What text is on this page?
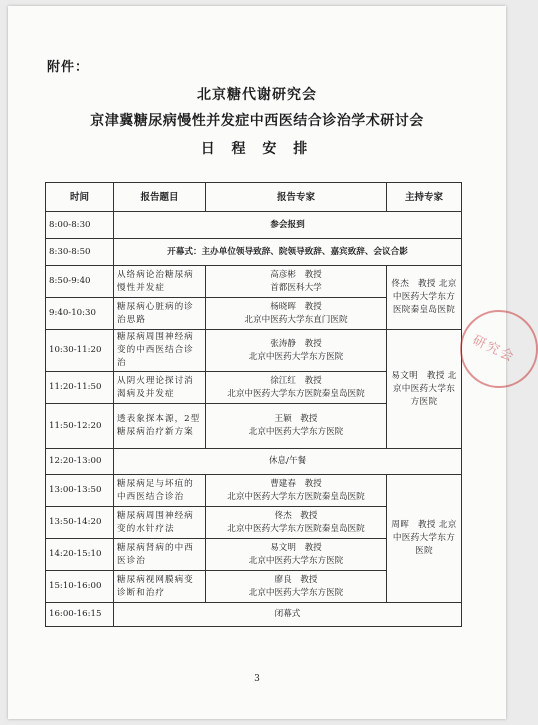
附件：
北京糖代谢研究会
京津冀糖尿病慢性并发症中西医结合诊治学术研讨会
日 程 安 排
时间	报告题目	报告专家	主持专家
8:00-8:30	参会报到		
8:30-8:50	开幕式：主办单位领导致辞、院领导致辞、嘉宾致辞、会议合影		
8:50-9:40	从络病论治糖尿病慢性并发症	高彦彬　教授
首都医科大学	佟杰　教授 北京中医药大学东方医院秦皇岛医院
9:40-10:30	糖尿病心脏病的诊治思路	杨晓晖　教授
北京中医药大学东直门医院	

10:30-11:20	糖尿病周围神经病变的中西医结合诊治	张涛静　教授
北京中医药大学东方医院	易文明　教授 北京中医药大学东方医院
11:20-11:50	从阴火理论探讨消渴病及并发症	徐江红　教授
北京中医药大学东方医院秦皇岛医院	

11:50-12:20	透表象探本源，2型糖尿病治疗新方案	王颖　教授
北京中医药大学东方医院	

12:20-13:00	休息/午餐		
13:00-13:50	糖尿病足与坏疽的中西医结合诊治	曹建春　教授
北京中医药大学东方医院秦皇岛医院	周晖　教授 北京中医药大学东方医院
13:50-14:20	糖尿病周围神经病变的水针疗法	佟杰　教授
北京中医药大学东方医院秦皇岛医院	

14:20-15:10	糖尿病肾病的中西医诊治	易文明　教授
北京中医药大学东方医院	

15:10-16:00	糖尿病视网膜病变诊断和治疗	廖良　教授
北京中医药大学东方医院	

16:00-16:15	闭幕式		
研究会
3
